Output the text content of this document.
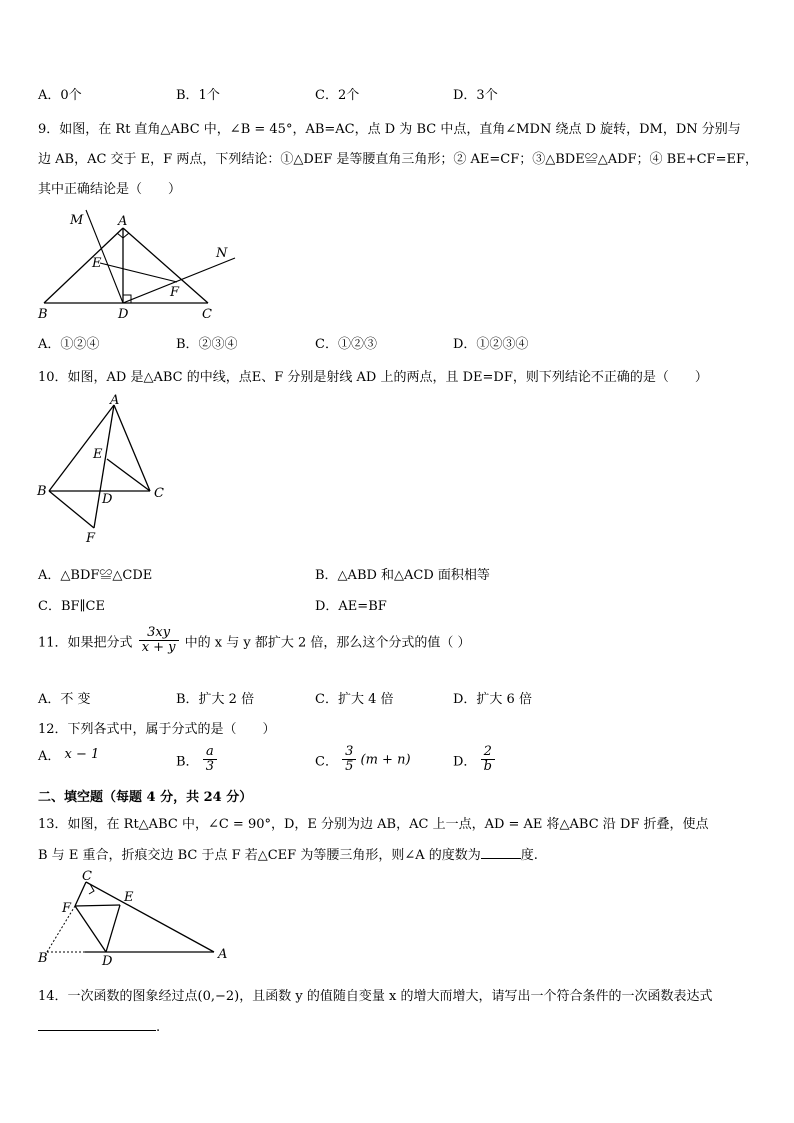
A．0个	B．1个	C．2个	D．3个
9．如图，在 Rt 直角△ABC 中，∠B = 45°，AB=AC，点 D 为 BC 中点，直角∠MDN 绕点 D 旋转，DM，DN 分别与
边 AB，AC 交于 E，F 两点，下列结论：①△DEF 是等腰直角三角形；② AE=CF；③△BDE≌△ADF；④ BE+CF=EF，
其中正确结论是（　　）
M	A
N
E
F
B	D	C
A．①②④	B．②③④	C．①②③	D．①②③④
10．如图，AD 是△ABC 的中线，点E、F 分别是射线 AD 上的两点，且 DE=DF，则下列结论不正确的是（　　）
A
E
B
D	C
F
A．△BDF≌△CDE	B．△ABD 和△ACD 面积相等
C．BF∥CE	D．AE=BF
11．如果把分式 $\frac{3xy}{x + y}$ 中的 x 与 y 都扩大 2 倍，那么这个分式的值（ ）
A．不 变	B．扩大 2 倍	C．扩大 4 倍	D．扩大 6 倍
12．下列各式中，属于分式的是（　　）
A． x − 1	B． $\frac{a}{3}$	C． $\frac{3}{5} (m + n)$	D． $\frac{2}{b}$
二、填空题（每题 4 分，共 24 分）
13．如图，在 Rt△ABC 中，∠C = 90°，D，E 分别为边 AB，AC 上一点，AD = AE 将△ABC 沿 DF 折叠，使点
B 与 E 重合，折痕交边 BC 于点 F 若△CEF 为等腰三角形，则∠A 的度数为	度.
C
F
E
B	D	A
14．一次函数的图象经过点(0,−2)，且函数 y 的值随自变量 x 的增大而增大，请写出一个符合条件的一次函数表达式
.
